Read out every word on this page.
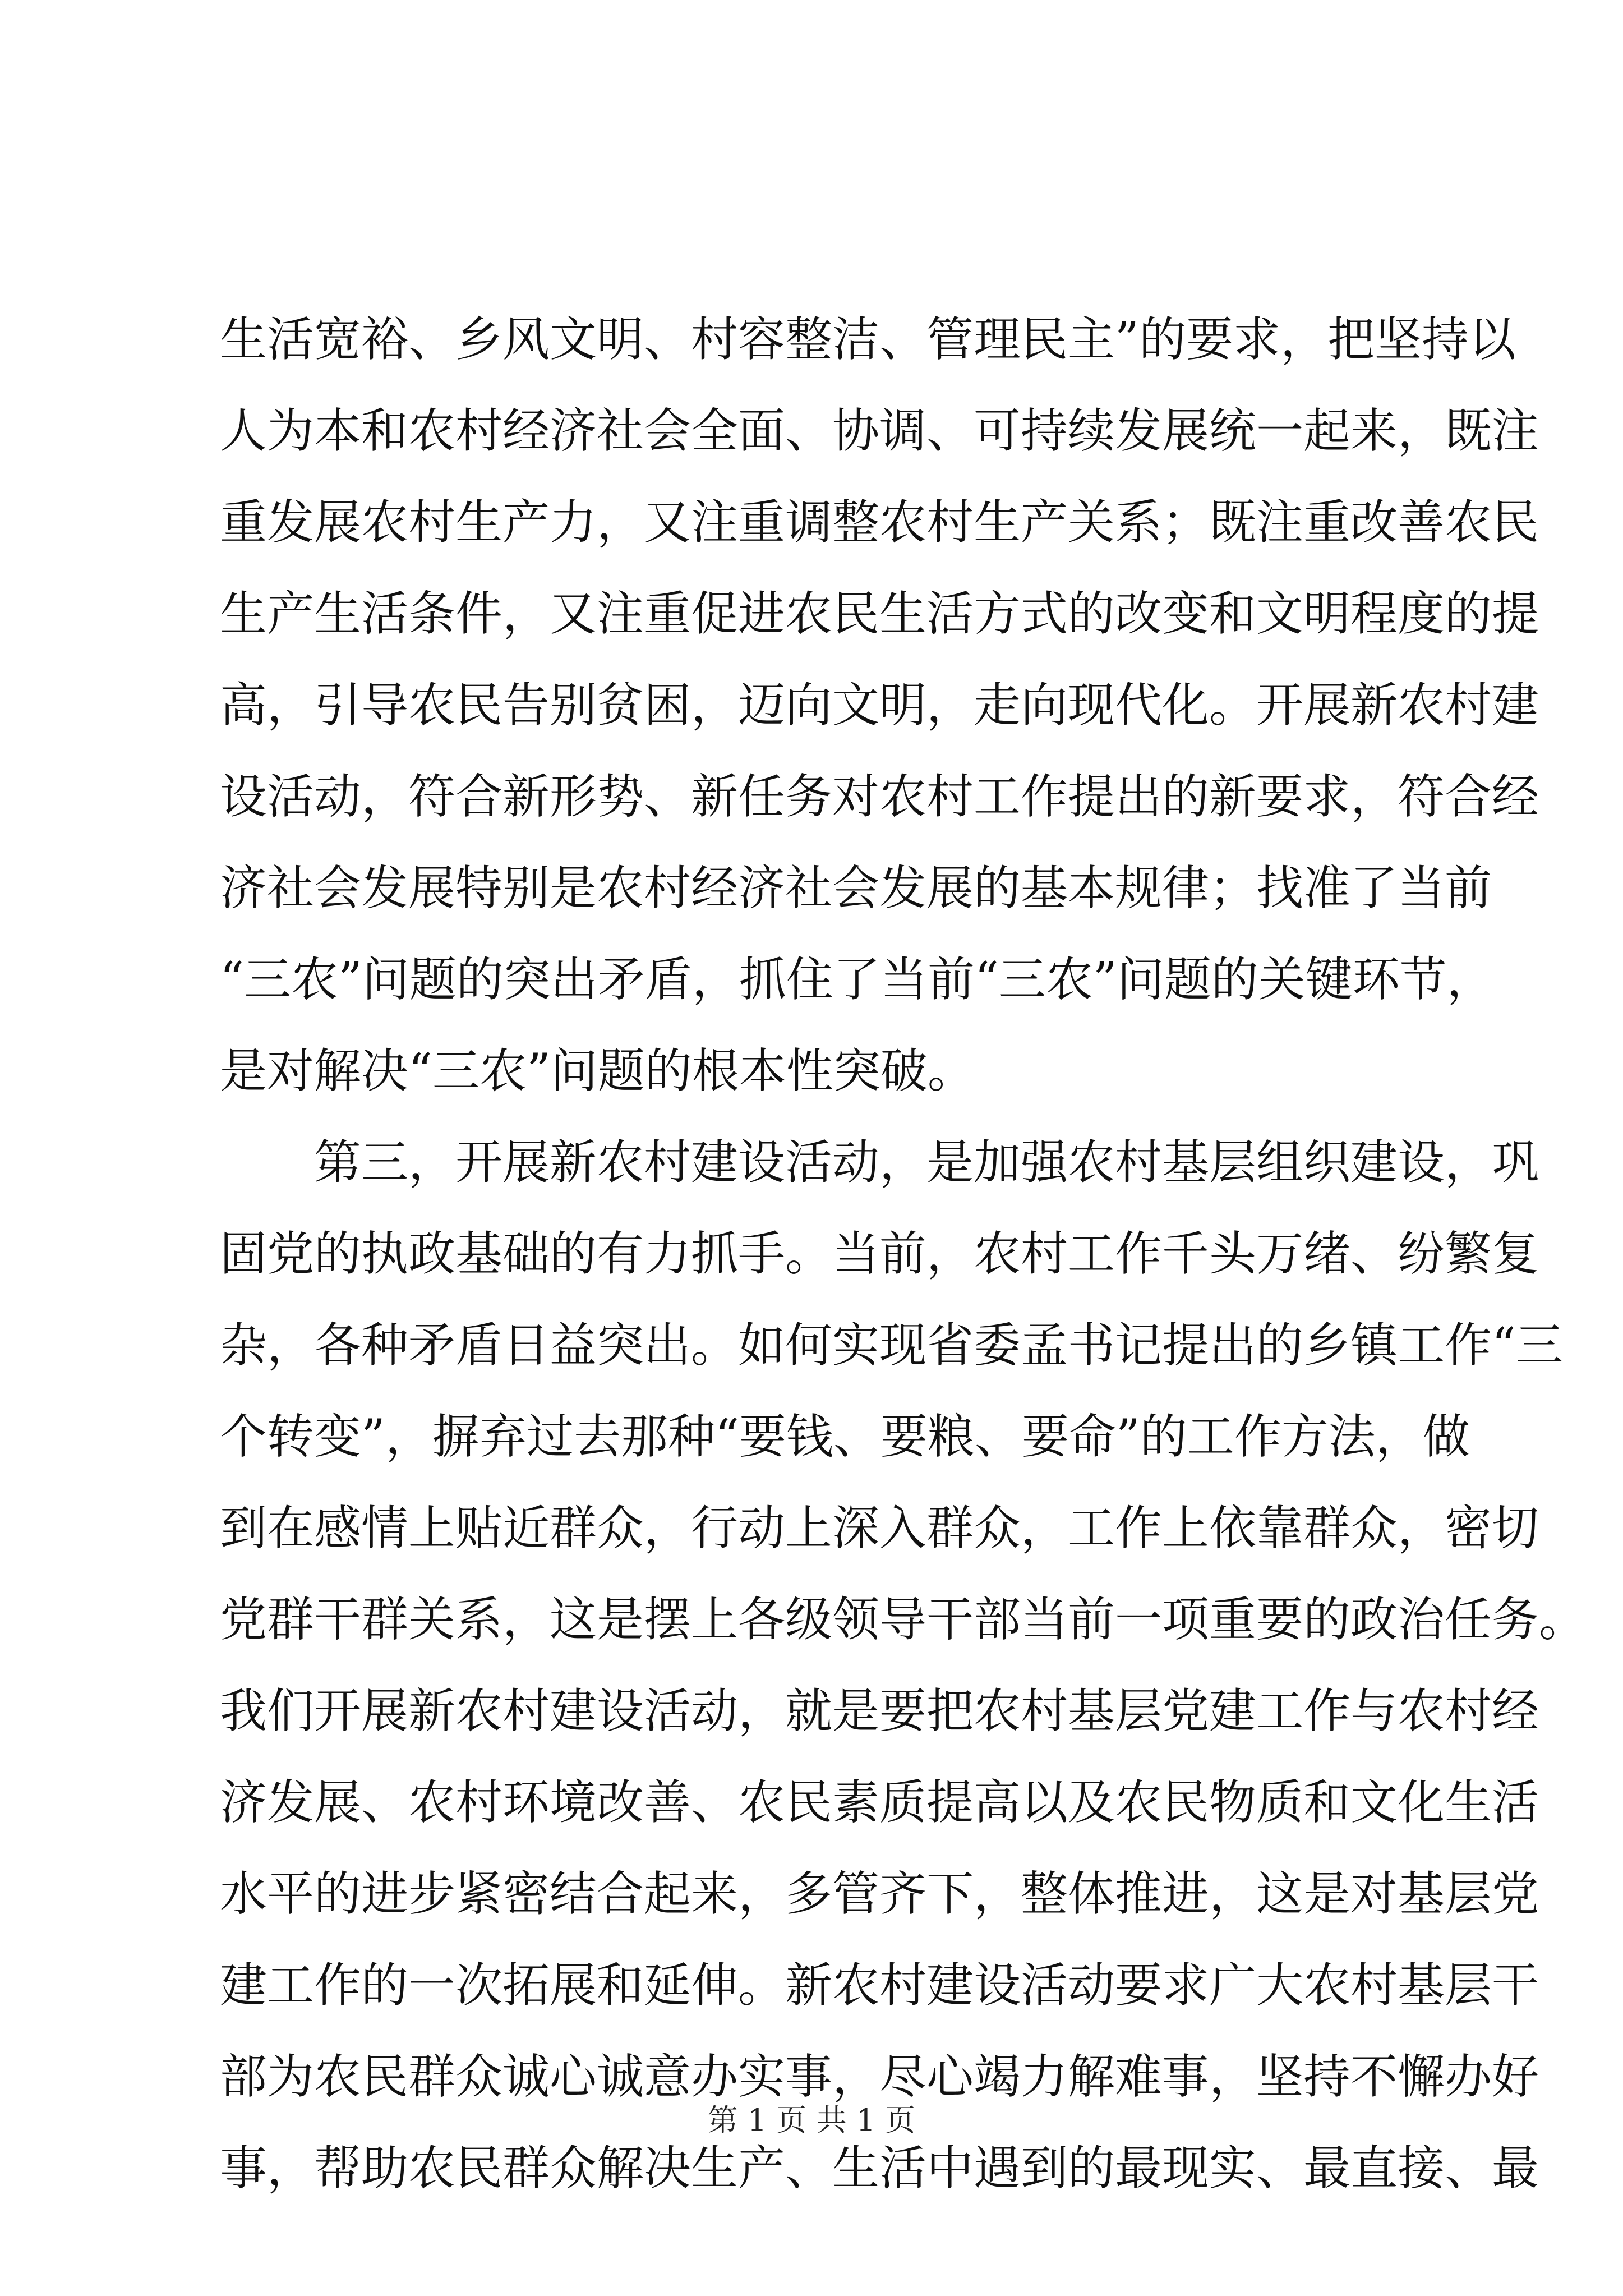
生活宽裕、乡风文明、村容整洁、管理民主”的要求，把坚持以
人为本和农村经济社会全面、协调、可持续发展统一起来，既注
重发展农村生产力，又注重调整农村生产关系；既注重改善农民
生产生活条件，又注重促进农民生活方式的改变和文明程度的提
高，引导农民告别贫困，迈向文明，走向现代化。开展新农村建
设活动，符合新形势、新任务对农村工作提出的新要求，符合经
济社会发展特别是农村经济社会发展的基本规律；找准了当前
“三农”问题的突出矛盾，抓住了当前“三农”问题的关键环节，
是对解决“三农”问题的根本性突破。
第三，开展新农村建设活动，是加强农村基层组织建设，巩
固党的执政基础的有力抓手。当前，农村工作千头万绪、纷繁复
杂，各种矛盾日益突出。如何实现省委孟书记提出的乡镇工作“三
个转变”，摒弃过去那种“要钱、要粮、要命”的工作方法，做
到在感情上贴近群众，行动上深入群众，工作上依靠群众，密切
党群干群关系，这是摆上各级领导干部当前一项重要的政治任务。
我们开展新农村建设活动，就是要把农村基层党建工作与农村经
济发展、农村环境改善、农民素质提高以及农民物质和文化生活
水平的进步紧密结合起来，多管齐下，整体推进，这是对基层党
建工作的一次拓展和延伸。新农村建设活动要求广大农村基层干
部为农民群众诚心诚意办实事，尽心竭力解难事，坚持不懈办好
事，帮助农民群众解决生产、生活中遇到的最现实、最直接、最
第 1 页 共 1 页
